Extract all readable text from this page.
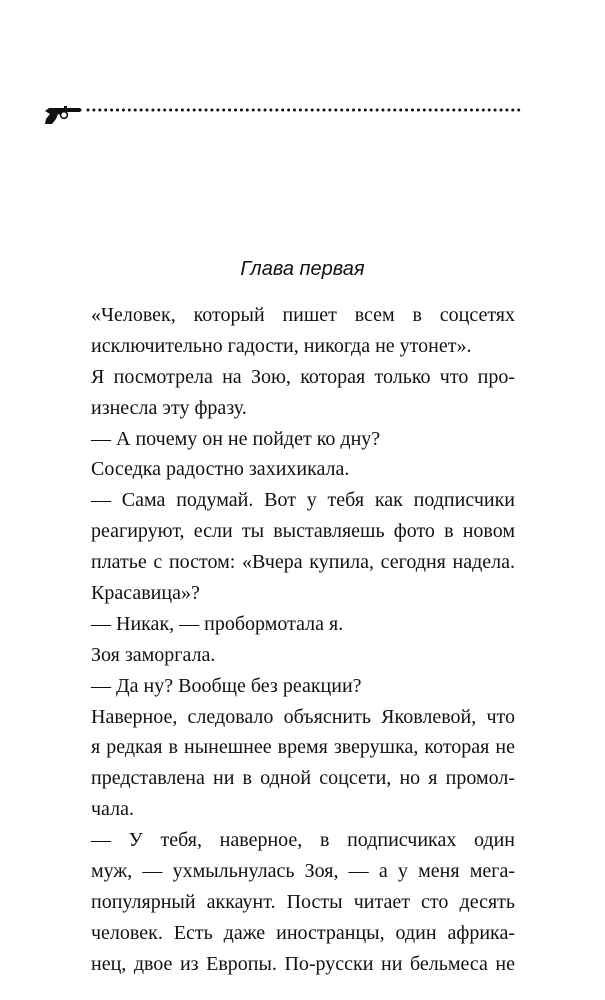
Глава первая
«Человек, который пишет всем в соцсетях
исключительно гадости, никогда не утонет».
Я посмотрела на Зою, которая только что про-
изнесла эту фразу.
— А почему он не пойдет ко дну?
Соседка радостно захихикала.
— Сама подумай. Вот у тебя как подписчики
реагируют, если ты выставляешь фото в новом
платье с постом: «Вчера купила, сегодня надела.
Красавица»?
— Никак, — пробормотала я.
Зоя заморгала.
— Да ну? Вообще без реакции?
Наверное, следовало объяснить Яковлевой, что
я редкая в нынешнее время зверушка, которая не
представлена ни в одной соцсети, но я промол-
чала.
— У тебя, наверное, в подписчиках один
муж, — ухмыльнулась Зоя, — а у меня мега-
популярный аккаунт. Посты читает сто десять
человек. Есть даже иностранцы, один африка-
нец, двое из Европы. По-русски ни бельмеса не
